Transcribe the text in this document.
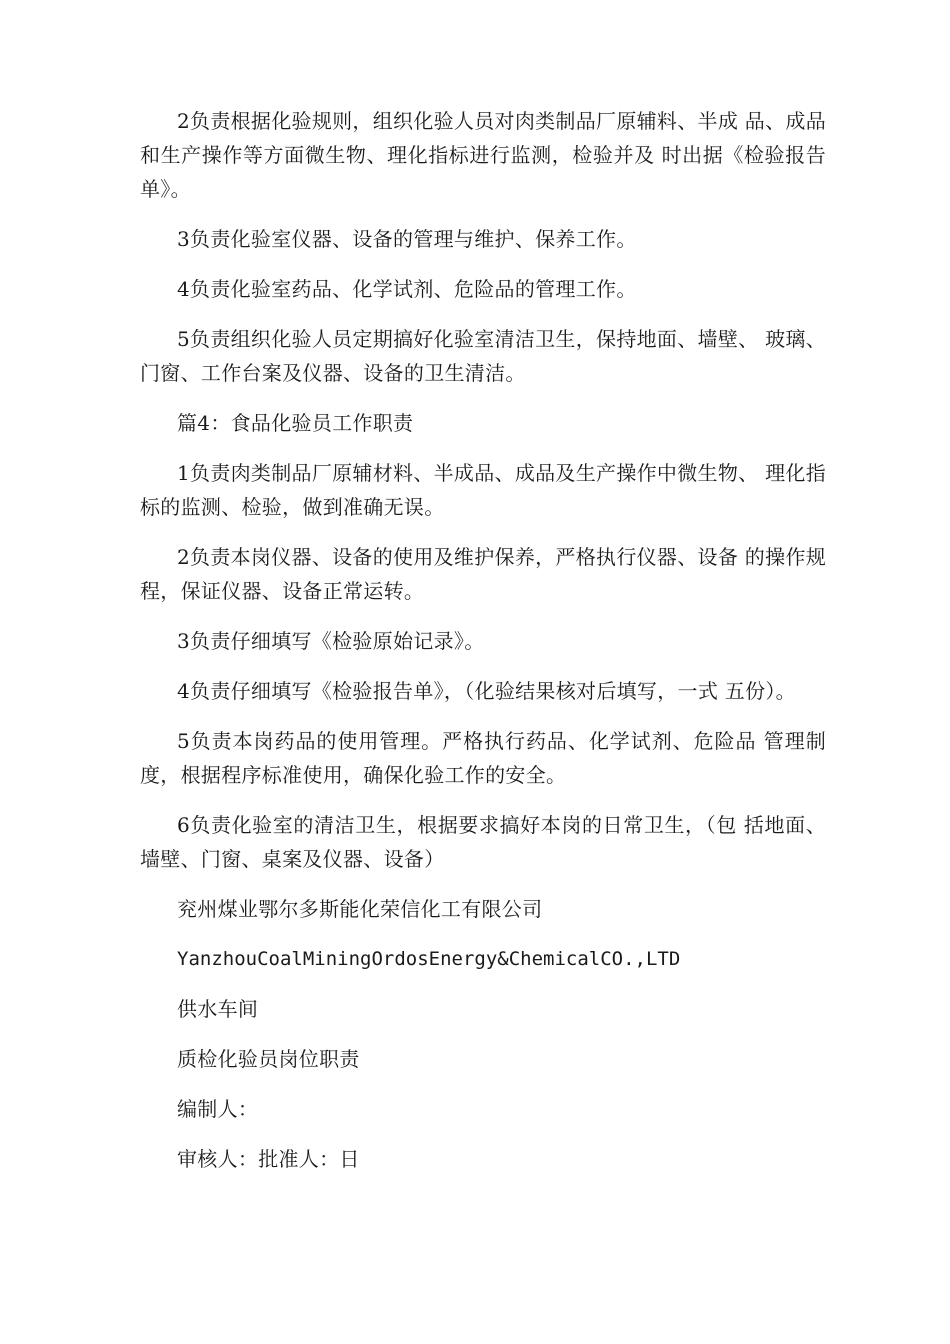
2负责根据化验规则，组织化验人员对肉类制品厂原辅料、半成 品、成品和生产操作等方面微生物、理化指标进行监测，检验并及 时出据《检验报告单》。

3负责化验室仪器、设备的管理与维护、保养工作。

4负责化验室药品、化学试剂、危险品的管理工作。

5负责组织化验人员定期搞好化验室清洁卫生，保持地面、墙壁、 玻璃、门窗、工作台案及仪器、设备的卫生清洁。

篇4：食品化验员工作职责

1负责肉类制品厂原辅材料、半成品、成品及生产操作中微生物、 理化指标的监测、检验，做到准确无误。

2负责本岗仪器、设备的使用及维护保养，严格执行仪器、设备 的操作规程，保证仪器、设备正常运转。

3负责仔细填写《检验原始记录》。

4负责仔细填写《检验报告单》，（化验结果核对后填写，一式 五份）。

5负责本岗药品的使用管理。严格执行药品、化学试剂、危险品 管理制度，根据程序标准使用，确保化验工作的安全。

6负责化验室的清洁卫生，根据要求搞好本岗的日常卫生，（包 括地面、墙壁、门窗、桌案及仪器、设备）

兖州煤业鄂尔多斯能化荣信化工有限公司
YanzhouCoalMiningOrdosEnergy&ChemicalCO.,LTD
供水车间
质检化验员岗位职责
编制人：
审核人：批准人：日
